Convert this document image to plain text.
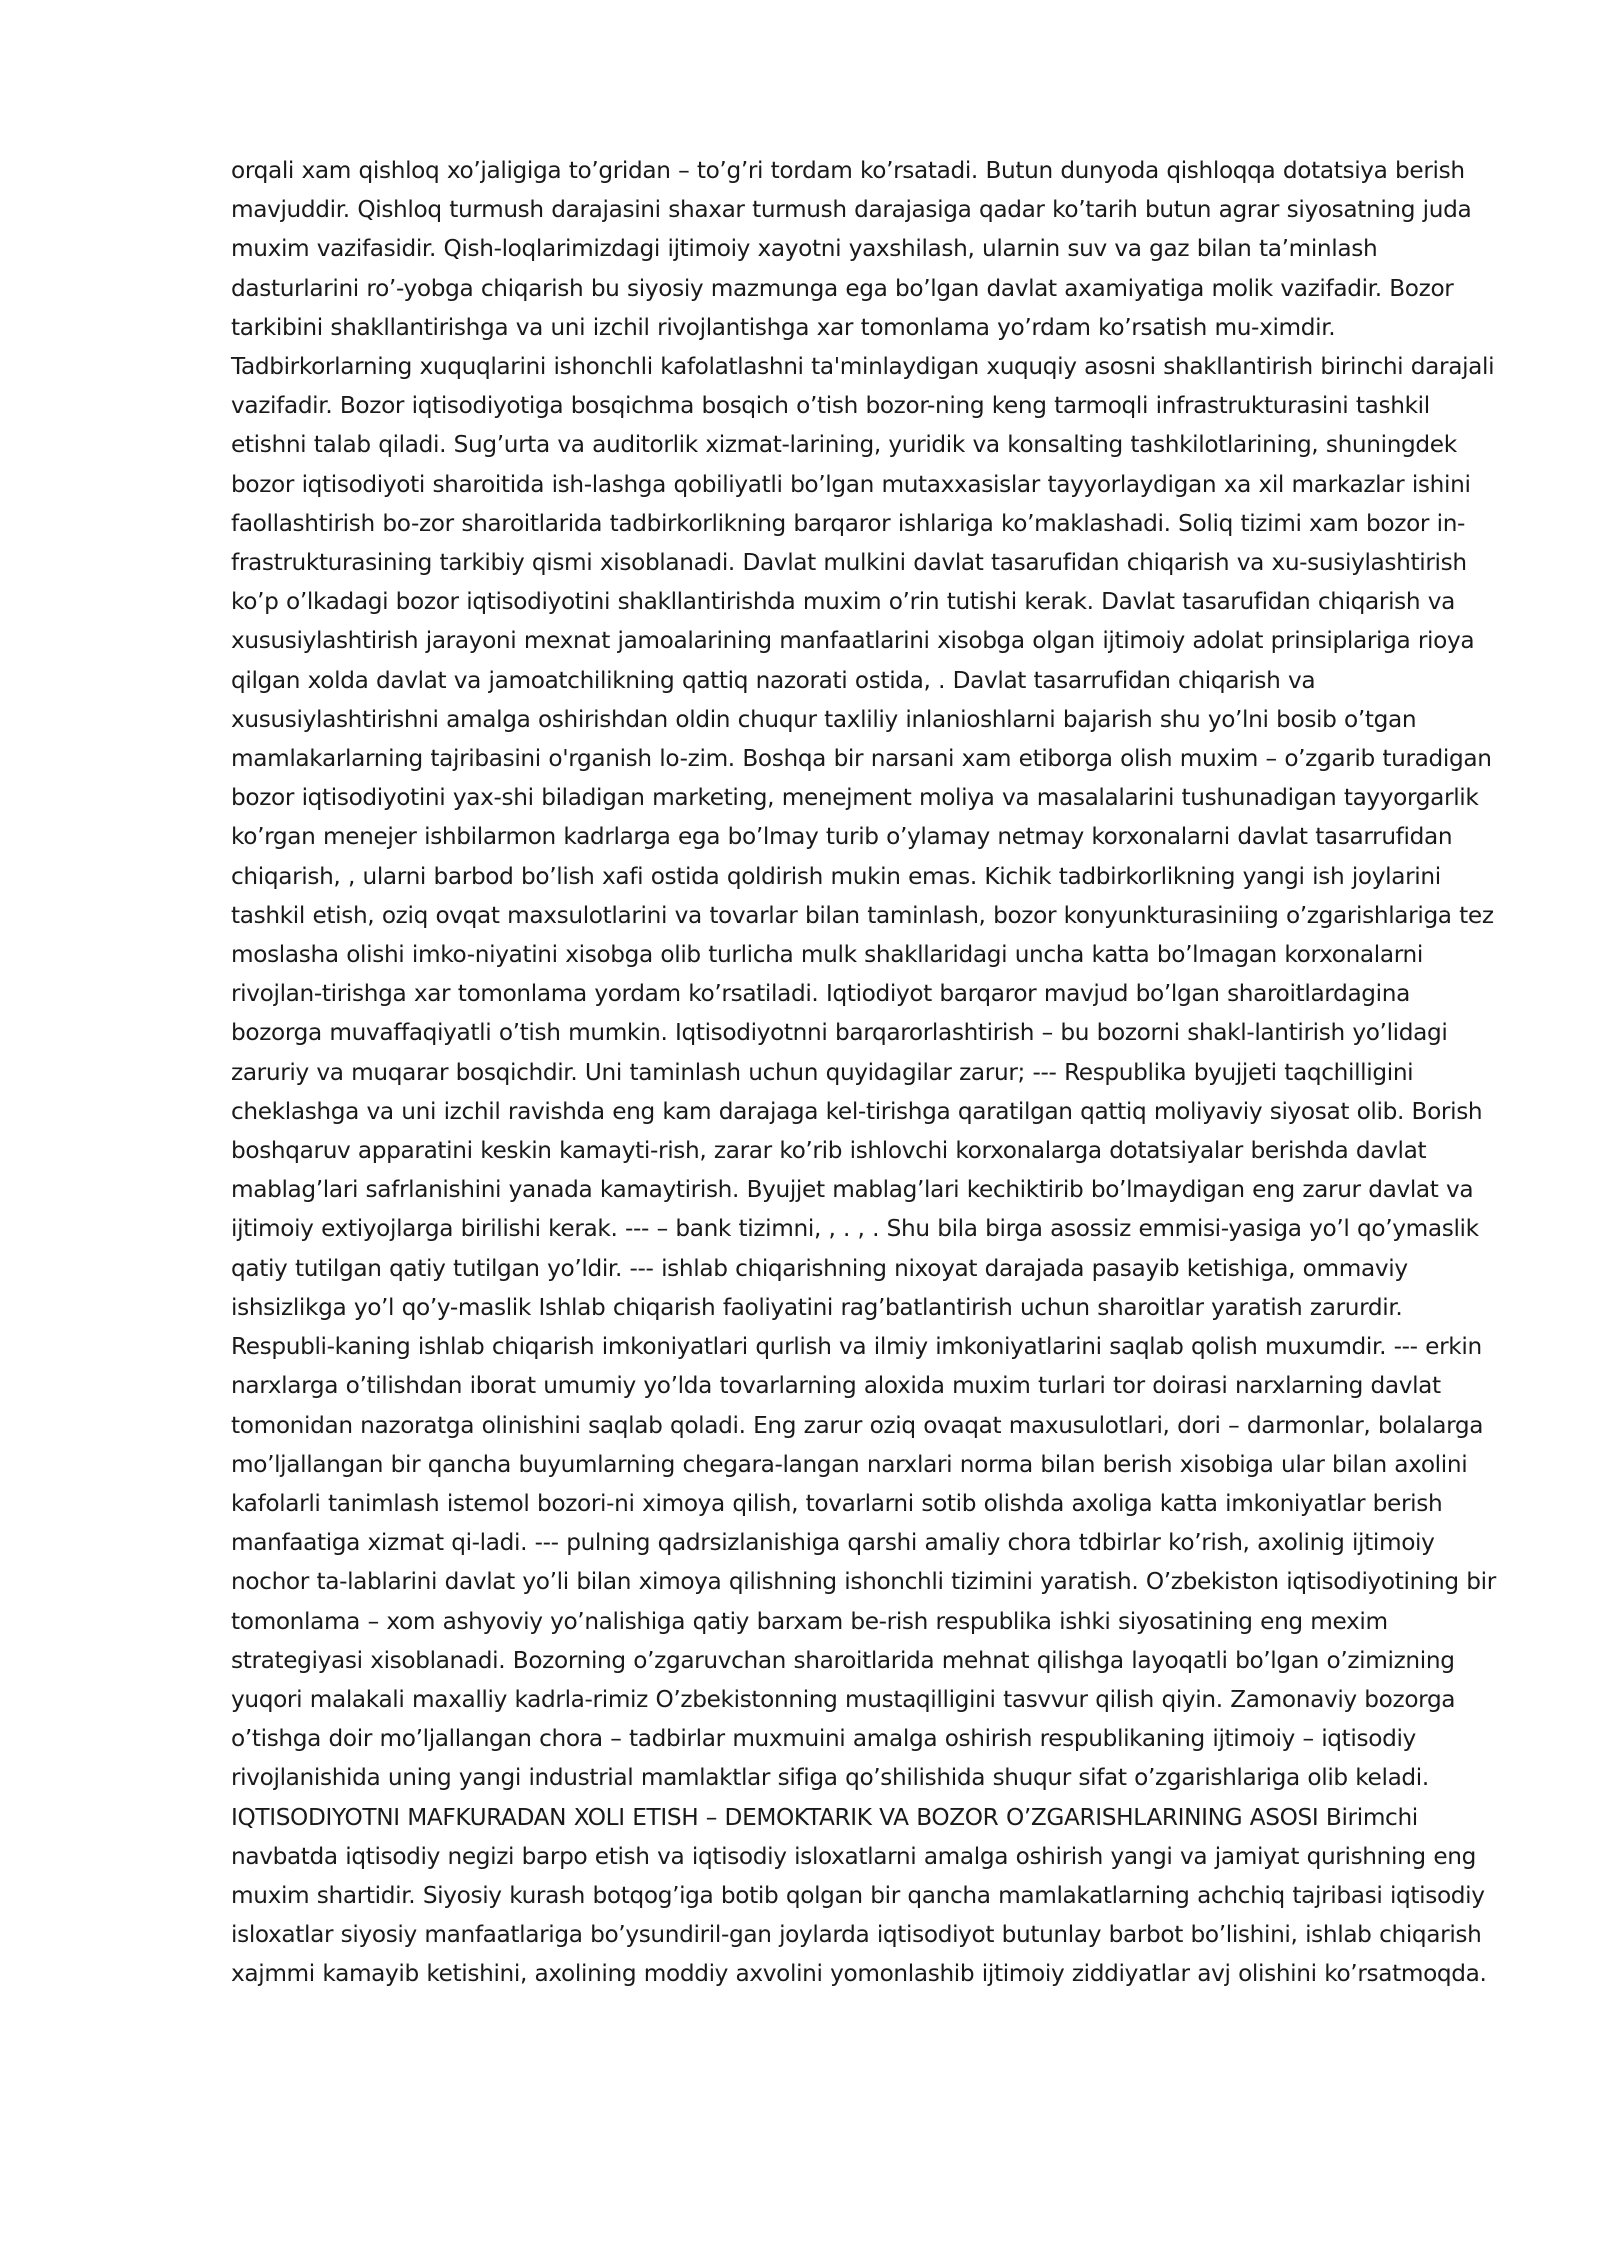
orqali xam qishloq xo’jaligiga to’gridan – to’g’ri tordam ko’rsatadi. Butun dunyoda qishloqqa dotatsiya berish mavjuddir. Qishloq turmush darajasini shaxar turmush darajasiga qadar ko’tarih butun agrar siyosatning juda muxim vazifasidir. Qish-loqlarimizdagi ijtimoiy xayotni yaxshilash, ularnin suv va gaz bilan ta’minlash dasturlarini ro’-yobga chiqarish bu siyosiy mazmunga ega bo’lgan davlat axamiyatiga molik vazifadir. Bozor tarkibini shakllantirishga va uni izchil rivojlantishga xar tomonlama yo’rdam ko’rsatish mu-ximdir. Tadbirkorlarning xuquqlarini ishonchli kafolatlashni ta'minlaydigan xuquqiy asosni shakllantirish birinchi darajali vazifadir. Bozor iqtisodiyotiga bosqichma bosqich o’tish bozor-ning keng tarmoqli infrastrukturasini tashkil etishni talab qiladi. Sug’urta va auditorlik xizmat-larining, yuridik va konsalting tashkilotlarining, shuningdek bozor iqtisodiyoti sharoitida ish-lashga qobiliyatli bo’lgan mutaxxasislar tayyorlaydigan xa xil markazlar ishini faollashtirish bo-zor sharoitlarida tadbirkorlikning barqaror ishlariga ko’maklashadi. Soliq tizimi xam bozor in-frastrukturasining tarkibiy qismi xisoblanadi. Davlat mulkini davlat tasarufidan chiqarish va xu-susiylashtirish ko’p o’lkadagi bozor iqtisodiyotini shakllantirishda muxim o’rin tutishi kerak. Davlat tasarufidan chiqarish va xususiylashtirish jarayoni mexnat jamoalarining manfaatlarini xisobga olgan ijtimoiy adolat prinsiplariga rioya qilgan xolda davlat va jamoatchilikning qattiq nazorati ostida, . Davlat tasarrufidan chiqarish va xususiylashtirishni amalga oshirishdan oldin chuqur taxliliy inlanioshlarni bajarish shu yo’lni bosib o’tgan mamlakarlarning tajribasini o'rganish lo-zim. Boshqa bir narsani xam etiborga olish muxim – o’zgarib turadigan bozor iqtisodiyotini yax-shi biladigan marketing, menejment moliya va masalalarini tushunadigan tayyorgarlik ko’rgan menejer ishbilarmon kadrlarga ega bo’lmay turib o’ylamay netmay korxonalarni davlat tasarrufidan chiqarish, , ularni barbod bo’lish xafi ostida qoldirish mukin emas. Kichik tadbirkorlikning yangi ish joylarini tashkil etish, oziq ovqat maxsulotlarini va tovarlar bilan taminlash, bozor konyunkturasiniing o’zgarishlariga tez moslasha olishi imko-niyatini xisobga olib turlicha mulk shakllaridagi uncha katta bo’lmagan korxonalarni rivojlan-tirishga xar tomonlama yordam ko’rsatiladi. Iqtiodiyot barqaror mavjud bo’lgan sharoitlardagina bozorga muvaffaqiyatli o’tish mumkin. Iqtisodiyotnni barqarorlashtirish – bu bozorni shakl-lantirish yo’lidagi zaruriy va muqarar bosqichdir. Uni taminlash uchun quyidagilar zarur; --- Respublika byujjeti taqchilligini cheklashga va uni izchil ravishda eng kam darajaga kel-tirishga qaratilgan qattiq moliyaviy siyosat olib. Borish boshqaruv apparatini keskin kamayti-rish, zarar ko’rib ishlovchi korxonalarga dotatsiyalar berishda davlat mablag’lari safrlanishini yanada kamaytirish. Byujjet mablag’lari kechiktirib bo’lmaydigan eng zarur davlat va ijtimoiy extiyojlarga birilishi kerak. --- – bank tizimni, , . , . Shu bila birga asossiz emmisi-yasiga yo’l qo’ymaslik qatiy tutilgan qatiy tutilgan yo’ldir. --- ishlab chiqarishning nixoyat darajada pasayib ketishiga, ommaviy ishsizlikga yo’l qo’y-maslik Ishlab chiqarish faoliyatini rag’batlantirish uchun sharoitlar yaratish zarurdir. Respubli-kaning ishlab chiqarish imkoniyatlari qurlish va ilmiy imkoniyatlarini saqlab qolish muxumdir. --- erkin narxlarga o’tilishdan iborat umumiy yo’lda tovarlarning aloxida muxim turlari tor doirasi narxlarning davlat tomonidan nazoratga olinishini saqlab qoladi. Eng zarur oziq ovaqat maxusulotlari, dori – darmonlar, bolalarga mo’ljallangan bir qancha buyumlarning chegara-langan narxlari norma bilan berish xisobiga ular bilan axolini kafolarli tanimlash istemol bozori-ni ximoya qilish, tovarlarni sotib olishda axoliga katta imkoniyatlar berish manfaatiga xizmat qi-ladi. --- pulning qadrsizlanishiga qarshi amaliy chora tdbirlar ko’rish, axolinig ijtimoiy nochor ta-lablarini davlat yo’li bilan ximoya qilishning ishonchli tizimini yaratish. O’zbekiston iqtisodiyotining bir tomonlama – xom ashyoviy yo’nalishiga qatiy barxam be-rish respublika ishki siyosatining eng mexim strategiyasi xisoblanadi. Bozorning o’zgaruvchan sharoitlarida mehnat qilishga layoqatli bo’lgan o’zimizning yuqori malakali maxalliy kadrla-rimiz O’zbekistonning mustaqilligini tasvvur qilish qiyin. Zamonaviy bozorga o’tishga doir mo’ljallangan chora – tadbirlar muxmuini amalga oshirish respublikaning ijtimoiy – iqtisodiy rivojlanishida uning yangi industrial mamlaktlar sifiga qo’shilishida shuqur sifat o’zgarishlariga olib keladi. IQTISODIYOTNI MAFKURADAN XOLI ETISH – DEMOKTARIK VA BOZOR O’ZGARISHLARINING ASOSI Birimchi navbatda iqtisodiy negizi barpo etish va iqtisodiy isloxatlarni amalga oshirish yangi va jamiyat qurishning eng muxim shartidir. Siyosiy kurash botqog’iga botib qolgan bir qancha mamlakatlarning achchiq tajribasi iqtisodiy isloxatlar siyosiy manfaatlariga bo’ysundiril-gan joylarda iqtisodiyot butunlay barbot bo’lishini, ishlab chiqarish xajmmi kamayib ketishini, axolining moddiy axvolini yomonlashib ijtimoiy ziddiyatlar avj olishini ko’rsatmoqda.
